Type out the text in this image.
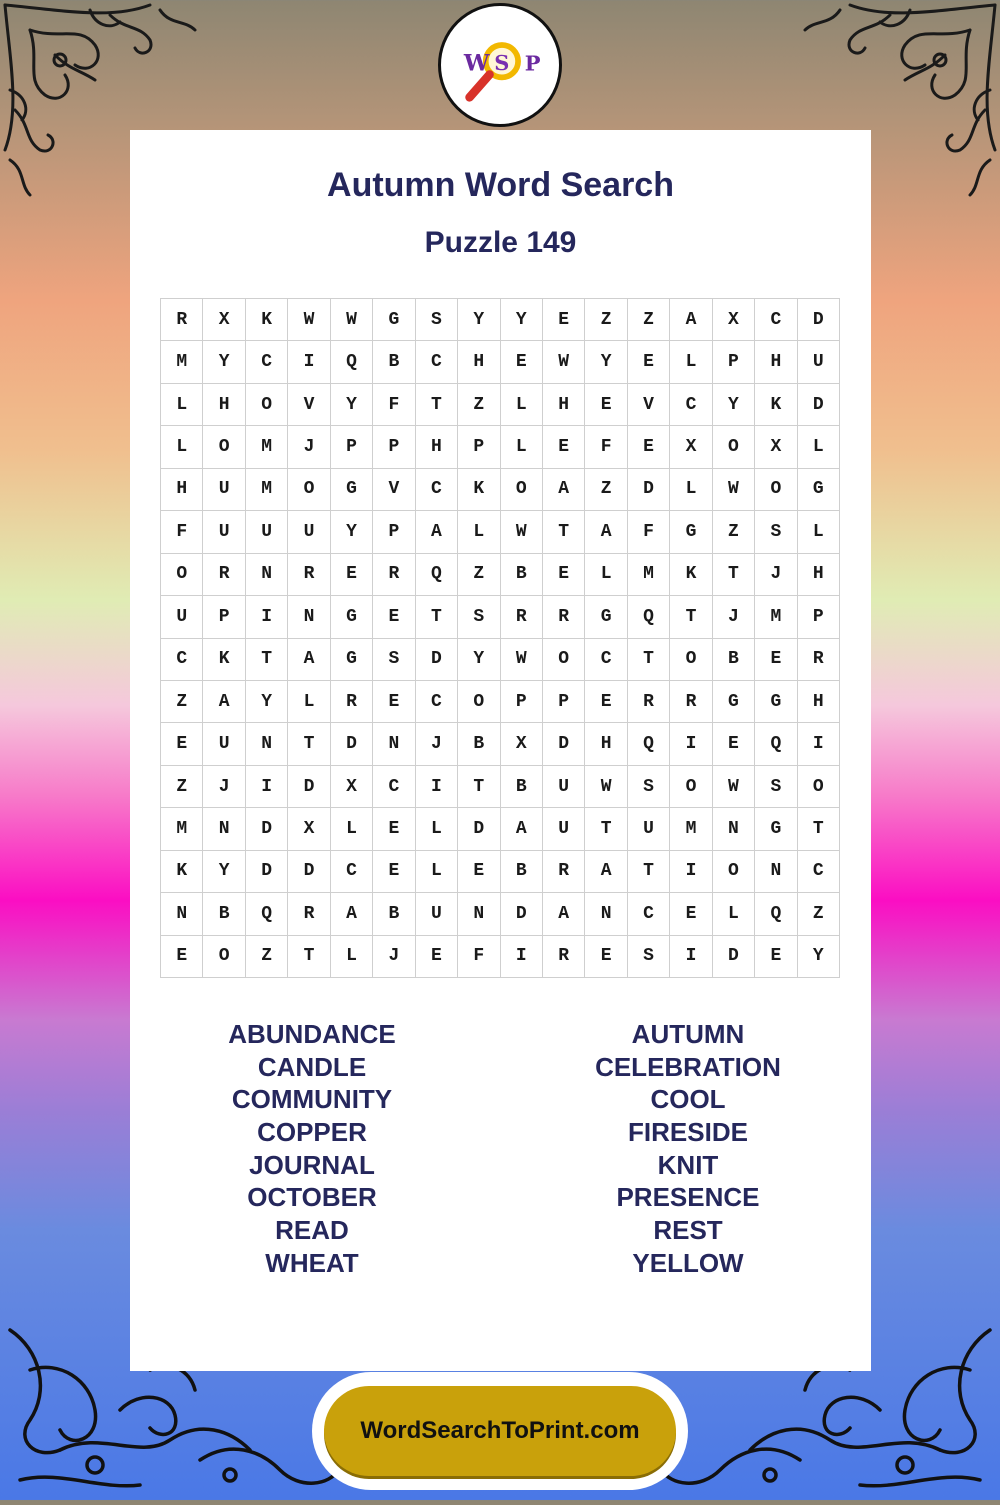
W S P
Autumn Word Search
Puzzle 149
R	X	K	W	W	G	S	Y	Y	E	Z	Z	A	X	C	D
M	Y	C	I	Q	B	C	H	E	W	Y	E	L	P	H	U
L	H	O	V	Y	F	T	Z	L	H	E	V	C	Y	K	D
L	O	M	J	P	P	H	P	L	E	F	E	X	O	X	L
H	U	M	O	G	V	C	K	O	A	Z	D	L	W	O	G
F	U	U	U	Y	P	A	L	W	T	A	F	G	Z	S	L
O	R	N	R	E	R	Q	Z	B	E	L	M	K	T	J	H
U	P	I	N	G	E	T	S	R	R	G	Q	T	J	M	P
C	K	T	A	G	S	D	Y	W	O	C	T	O	B	E	R
Z	A	Y	L	R	E	C	O	P	P	E	R	R	G	G	H
E	U	N	T	D	N	J	B	X	D	H	Q	I	E	Q	I
Z	J	I	D	X	C	I	T	B	U	W	S	O	W	S	O
M	N	D	X	L	E	L	D	A	U	T	U	M	N	G	T
K	Y	D	D	C	E	L	E	B	R	A	T	I	O	N	C
N	B	Q	R	A	B	U	N	D	A	N	C	E	L	Q	Z
E	O	Z	T	L	J	E	F	I	R	E	S	I	D	E	Y
ABUNDANCE
CANDLE
COMMUNITY
COPPER
JOURNAL
OCTOBER
READ
WHEAT
AUTUMN
CELEBRATION
COOL
FIRESIDE
KNIT
PRESENCE
REST
YELLOW
WordSearchToPrint.com
